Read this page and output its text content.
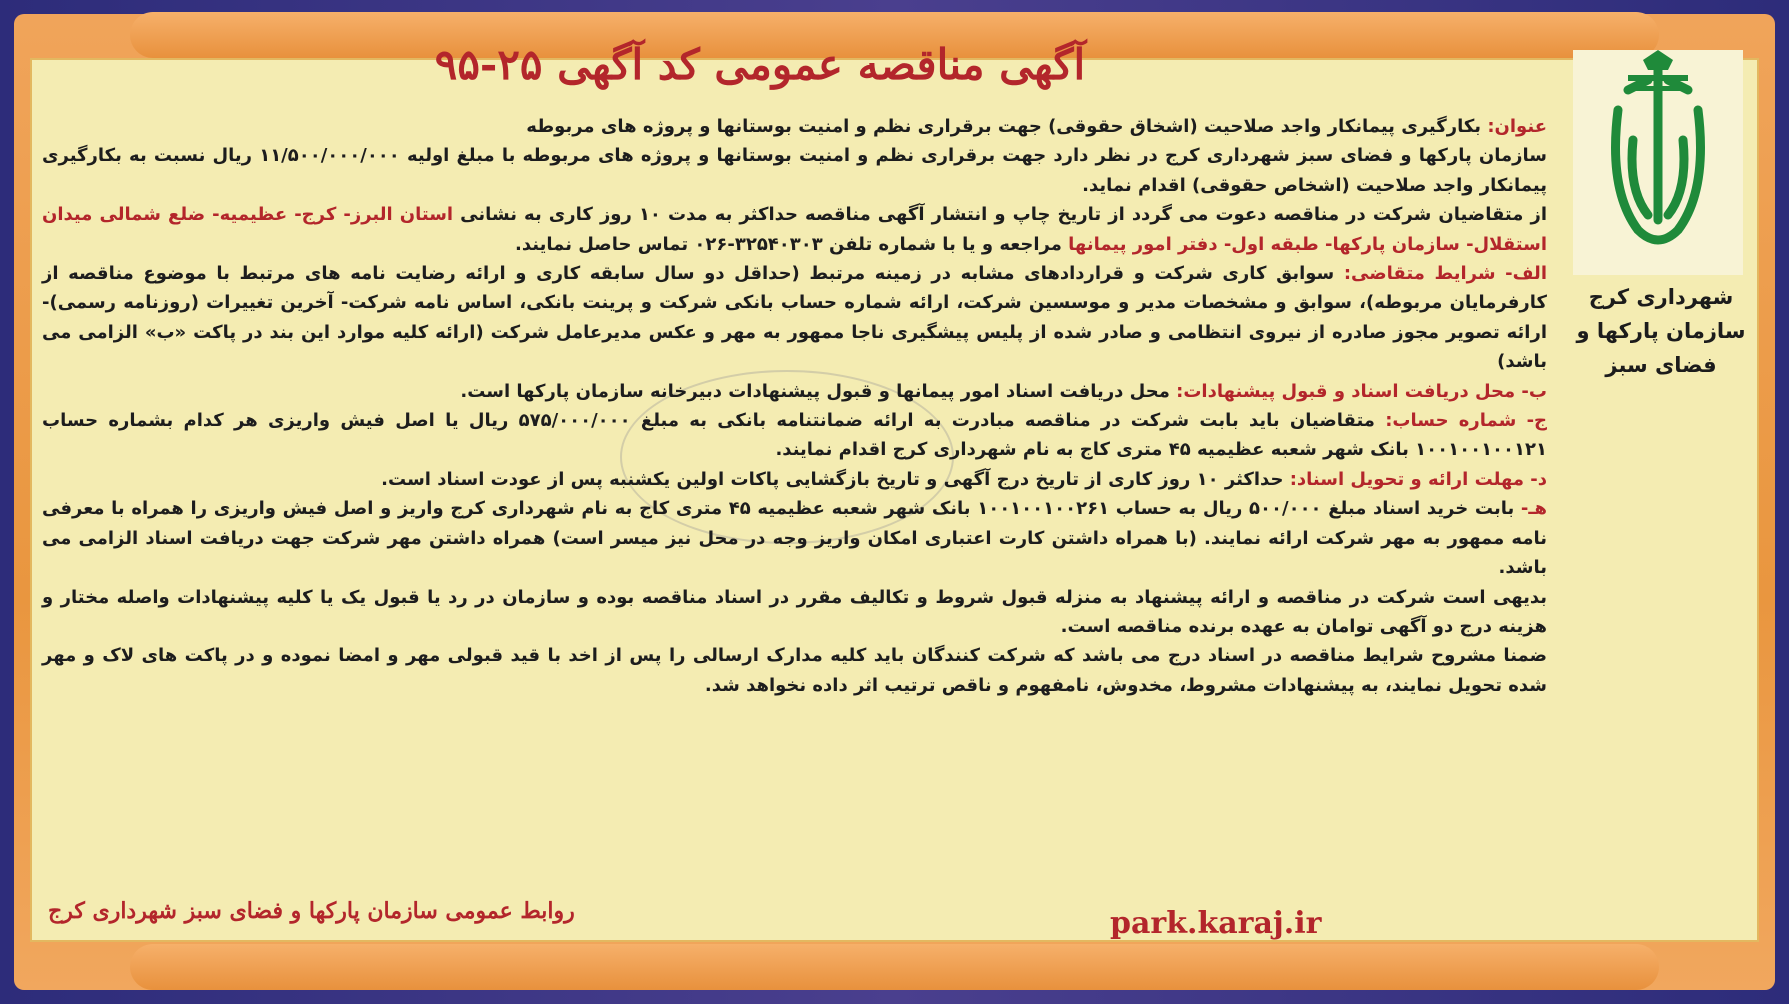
آگهی مناقصه عمومی کد آگهی ۲۵-۹۵
شهرداری کرج
سازمان پارکها و
فضای سبز

عنوان: بکارگیری پیمانکار واجد صلاحیت (اشخاق حقوقی) جهت برقراری نظم و امنیت بوستانها و پروژه های مربوطه

سازمان پارکها و فضای سبز شهرداری کرج در نظر دارد جهت برقراری نظم و امنیت بوستانها و پروژه های مربوطه با مبلغ اولیه ۱۱/۵۰۰/۰۰۰/۰۰۰ ریال نسبت به بکارگیری پیمانکار واجد صلاحیت (اشخاص حقوقی) اقدام نماید.

از متقاضیان شرکت در مناقصه دعوت می گردد از تاریخ چاپ و انتشار آگهی مناقصه حداکثر به مدت ۱۰ روز کاری به نشانی استان البرز- کرج- عظیمیه- ضلع شمالی میدان استقلال- سازمان پارکها- طبقه اول- دفتر امور پیمانها مراجعه و یا با شماره تلفن ۳۲۵۴۰۳۰۳-۰۲۶ تماس حاصل نمایند.

الف- شرایط متقاضی: سوابق کاری شرکت و قراردادهای مشابه در زمینه مرتبط (حداقل دو سال سابقه کاری و ارائه رضایت نامه های مرتبط با موضوع مناقصه از کارفرمایان مربوطه)، سوابق و مشخصات مدیر و موسسین شرکت، ارائه شماره حساب بانکی شرکت و پرینت بانکی، اساس نامه شرکت- آخرین تغییرات (روزنامه رسمی)- ارائه تصویر مجوز صادره از نیروی انتظامی و صادر شده از پلیس پیشگیری ناجا ممهور به مهر و عکس مدیرعامل شرکت (ارائه کلیه موارد این بند در پاکت «ب» الزامی می باشد)

ب- محل دریافت اسناد و قبول پیشنهادات: محل دریافت اسناد امور پیمانها و قبول پیشنهادات دبیرخانه سازمان پارکها است.

ج- شماره حساب: متقاضیان باید بابت شرکت در مناقصه مبادرت به ارائه ضمانتنامه بانکی به مبلغ ۵۷۵/۰۰۰/۰۰۰ ریال یا اصل فیش واریزی هر کدام بشماره حساب ۱۰۰۱۰۰۱۰۰۱۲۱ بانک شهر شعبه عظیمیه ۴۵ متری کاج به نام شهرداری کرج اقدام نمایند.

د- مهلت ارائه و تحویل اسناد: حداکثر ۱۰ روز کاری از تاریخ درج آگهی و تاریخ بازگشایی پاکات اولین یکشنبه پس از عودت اسناد است.

هـ- بابت خرید اسناد مبلغ ۵۰۰/۰۰۰ ریال به حساب ۱۰۰۱۰۰۱۰۰۲۶۱ بانک شهر شعبه عظیمیه ۴۵ متری کاج به نام شهرداری کرج واریز و اصل فیش واریزی را همراه با معرفی نامه ممهور به مهر شرکت ارائه نمایند. (با همراه داشتن کارت اعتباری امکان واریز وجه در محل نیز میسر است) همراه داشتن مهر شرکت جهت دریافت اسناد الزامی می باشد.

بدیهی است شرکت در مناقصه و ارائه پیشنهاد به منزله قبول شروط و تکالیف مقرر در اسناد مناقصه بوده و سازمان در رد یا قبول یک یا کلیه پیشنهادات واصله مختار و هزینه درج دو آگهی توامان به عهده برنده مناقصه است.

ضمنا مشروح شرایط مناقصه در اسناد درج می باشد که شرکت کنندگان باید کلیه مدارک ارسالی را پس از اخد با قید قبولی مهر و امضا نموده و در پاکت های لاک و مهر شده تحویل نمایند، به پیشنهادات مشروط، مخدوش، نامفهوم و ناقص ترتیب اثر داده نخواهد شد.

روابط عمومی سازمان پارکها و فضای سبز شهرداری کرج	park.karaj.ir
